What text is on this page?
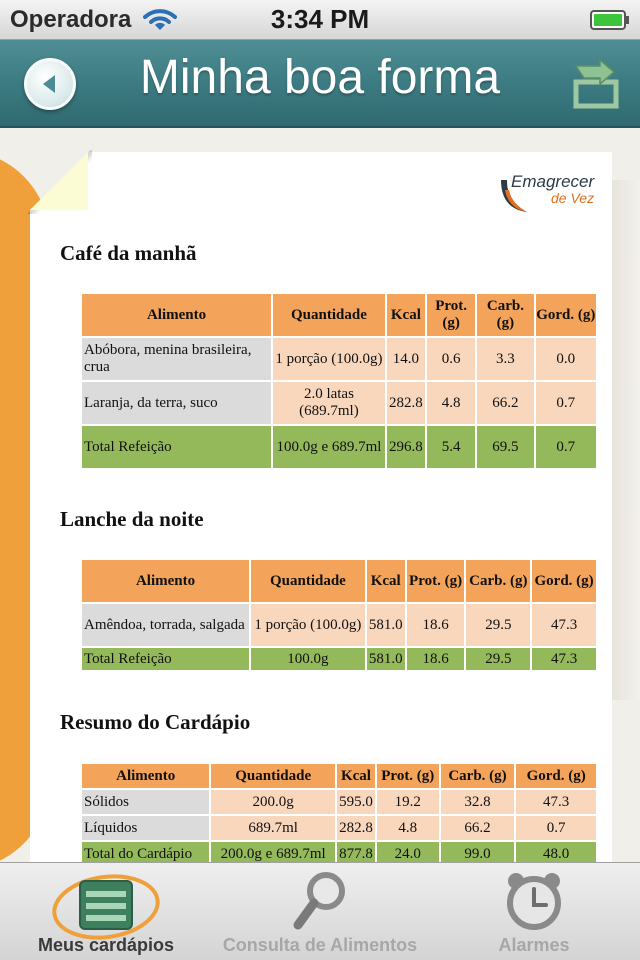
Operadora	3:34 PM
Minha boa forma
Emagrecer
de Vez
Café da manhã
Alimento	Quantidade	Kcal	Prot. (g)	Carb. (g)	Gord. (g)
Abóbora, menina brasileira, crua	1 porção (100.0g)	14.0	0.6	3.3	0.0
Laranja, da terra, suco	2.0 latas (689.7ml)	282.8	4.8	66.2	0.7
Total Refeição	100.0g e 689.7ml	296.8	5.4	69.5	0.7
Lanche da noite
Alimento	Quantidade	Kcal	Prot. (g)	Carb. (g)	Gord. (g)
Amêndoa, torrada, salgada	1 porção (100.0g)	581.0	18.6	29.5	47.3
Total Refeição	100.0g	581.0	18.6	29.5	47.3
Resumo do Cardápio
Alimento	Quantidade	Kcal	Prot. (g)	Carb. (g)	Gord. (g)
Sólidos	200.0g	595.0	19.2	32.8	47.3
Líquidos	689.7ml	282.8	4.8	66.2	0.7
Total do Cardápio	200.0g e 689.7ml	877.8	24.0	99.0	48.0
Meus cardápios	Consulta de Alimentos	Alarmes
